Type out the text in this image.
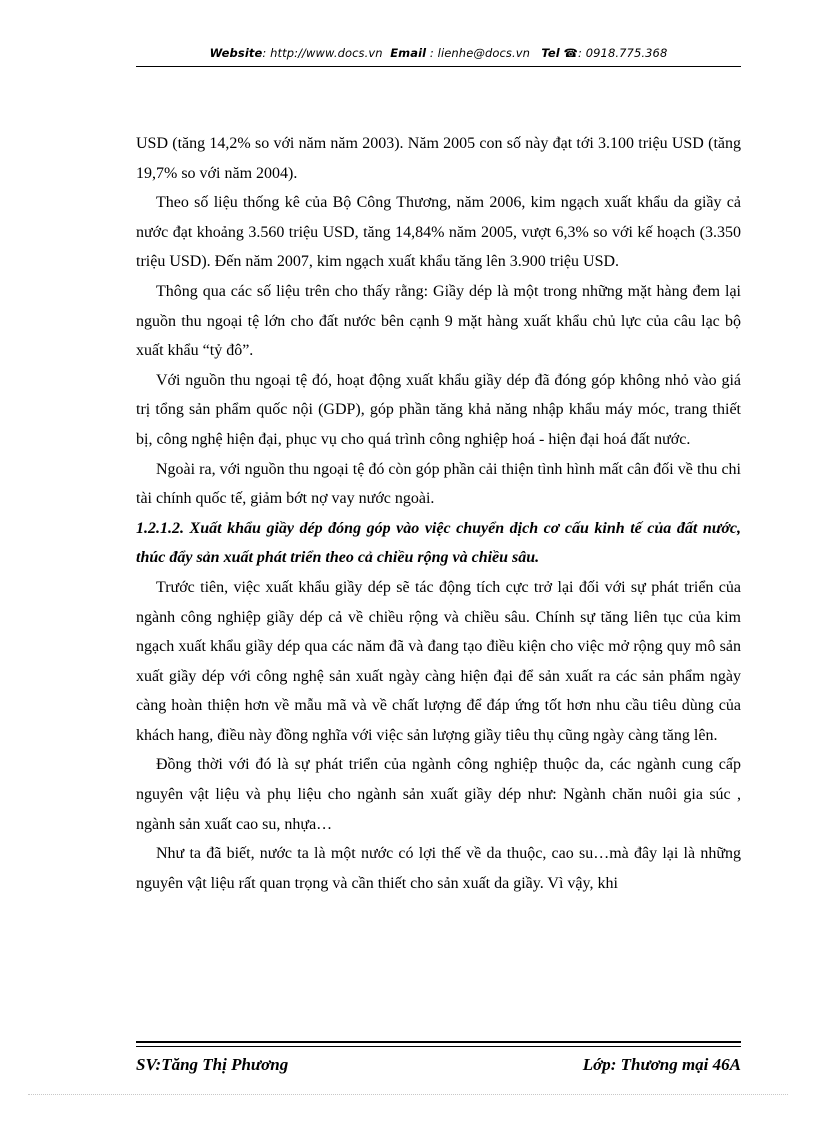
Website: http://www.docs.vn Email : lienhe@docs.vn Tel ☎: 0918.775.368

USD (tăng 14,2% so với năm năm 2003). Năm 2005 con số này đạt tới 3.100 triệu USD (tăng 19,7% so với năm 2004).

Theo số liệu thống kê của Bộ Công Thương, năm 2006, kim ngạch xuất khẩu da giầy cả nước đạt khoảng 3.560 triệu USD, tăng 14,84% năm 2005, vượt 6,3% so với kế hoạch (3.350 triệu USD). Đến năm 2007, kim ngạch xuất khẩu tăng lên 3.900 triệu USD.

Thông qua các số liệu trên cho thấy rằng: Giầy dép là một trong những mặt hàng đem lại nguồn thu ngoại tệ lớn cho đất nước bên cạnh 9 mặt hàng xuất khẩu chủ lực của câu lạc bộ xuất khẩu “tỷ đô”.

Với nguồn thu ngoại tệ đó, hoạt động xuất khẩu giầy dép đã đóng góp không nhỏ vào giá trị tổng sản phẩm quốc nội (GDP), góp phần tăng khả năng nhập khẩu máy móc, trang thiết bị, công nghệ hiện đại, phục vụ cho quá trình công nghiệp hoá - hiện đại hoá đất nước.

Ngoài ra, với nguồn thu ngoại tệ đó còn góp phần cải thiện tình hình mất cân đối về thu chi tài chính quốc tế, giảm bớt nợ vay nước ngoài.

1.2.1.2. Xuất khẩu giầy dép đóng góp vào việc chuyển dịch cơ cấu kinh tế của đất nước, thúc đẩy sản xuất phát triển theo cả chiều rộng và chiều sâu.

Trước tiên, việc xuất khẩu giầy dép sẽ tác động tích cực trở lại đối với sự phát triển của ngành công nghiệp giầy dép cả về chiều rộng và chiều sâu. Chính sự tăng liên tục của kim ngạch xuất khẩu giầy dép qua các năm đã và đang tạo điều kiện cho việc mở rộng quy mô sản xuất giầy dép với công nghệ sản xuất ngày càng hiện đại để sản xuất ra các sản phẩm ngày càng hoàn thiện hơn về mẫu mã và về chất lượng để đáp ứng tốt hơn nhu cầu tiêu dùng của khách hang, điều này đồng nghĩa với việc sản lượng giầy tiêu thụ cũng ngày càng tăng lên.

Đồng thời với đó là sự phát triển của ngành công nghiệp thuộc da, các ngành cung cấp nguyên vật liệu và phụ liệu cho ngành sản xuất giầy dép như: Ngành chăn nuôi gia súc , ngành sản xuất cao su, nhựa…

Như ta đã biết, nước ta là một nước có lợi thế về da thuộc, cao su…mà đây lại là những nguyên vật liệu rất quan trọng và cần thiết cho sản xuất da giầy. Vì vậy, khi

SV:Tăng Thị Phương	Lớp: Thương mại 46A
